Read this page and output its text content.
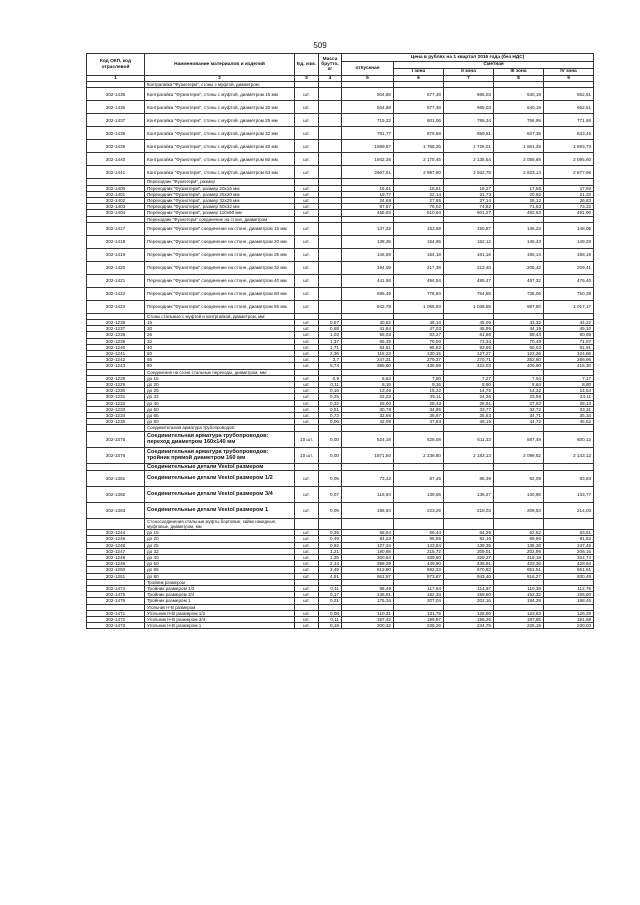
509
Код ОКП, код отраслевой	Наименование материалов и изделий	Ед. изм.	Масса брутто, кг	Цена в рублях на 1 квартал 2016 года (без НДС)				
				отпускная	Сметная			
					I зона	II зона	III зона	IV зона
1	2	3	4	5	6	7	8	9
	Контрагайка "Фузиотерм", стоны с муфтой, диаметром:							
302-1435	Контрагайка "Фузиотерм", стоны с муфтой, диаметром 15 мм	шт.		604,88	677,48	665,03	640,19	652,61
302-1436	Контрагайка "Фузиотерм", стоны с муфтой, диаметром 20 мм	шт.		604,88	677,48	665,03	640,19	652,61
302-1437	Контрагайка "Фузиотерм", стоны с муфтой, диаметром 25 мм	шт.		715,22	801,06	786,34	756,99	771,65
302-1438	Контрагайка "Фузиотерм", стоны с муфтой, диаметром 32 мм	шт.		781,77	875,58	859,51	827,38	843,45
302-1439	Контрагайка "Фузиотерм", стоны с муфтой, диаметром 40 мм	шт.		1569,67	1 758,26	1 726,01	1 661,45	1 693,73
302-1440	Контрагайка "Фузиотерм", стоны с муфтой, диаметром 50 мм	шт.		1942,36	2 175,45	2 135,54	2 055,68	2 095,60
302-1441	Контрагайка "Фузиотерм", стоны с муфтой, диаметром 63 мм	шт.		2667,51	2 987,60	2 932,78	2 823,14	2 877,96
	Переходник "Фузиотерм", размер							
302-1400	Переходник "Фузиотерм", размер 20x16 мм	шт.		16,61	18,61	18,27	17,58	17,92
302-1401	Переходник "Фузиотерм", размер 25x20 мм	шт.		19,77	22,14	21,73	20,92	21,33
302-1402	Переходник "Фузиотерм", размер 32x25 мм	шт.		24,68	27,65	27,14	26,12	26,63
302-1403	Переходник "Фузиотерм", размер 50x32 мм	шт.		67,87	76,02	74,62	71,83	73,22
302-1404	Переходник "Фузиотерм", размер 110x90 мм	шт.		455,93	510,64	501,27	482,53	491,90
	Переходник "Фузиотерм" соединение на стоне, диаметром							
302-1417	Переходник "Фузиотерм" соединение на стоне, диаметром 15 мм	шт.		137,22	153,69	150,87	145,23	148,05
302-1418	Переходник "Фузиотерм" соединение на стоне, диаметром 20 мм	шт.		138,35	154,95	152,12	146,43	149,28
302-1419	Переходник "Фузиотерм" соединение на стоне, диаметром 25 мм	шт.		146,59	164,18	161,16	155,14	158,15
302-1420	Переходник "Фузиотерм" соединение на стоне, диаметром 32 мм	шт.		194,09	217,38	213,40	205,42	209,41
302-1421	Переходник "Фузиотерм" соединение на стоне, диаметром 40 мм	шт.		441,56	494,54	485,47	467,32	476,40
302-1422	Переходник "Фузиотерм" соединение на стоне, диаметром 50 мм	шт.		695,49	778,94	764,65	736,06	750,38
302-1423	Переходник "Фузиотерм" соединение на стоне, диаметром 65 мм	шт.		942,79	1 055,93	1 036,55	997,80	1 017,17
	Стоны стальные с муфтой и контргайкой, диаметром, мм:							
302-1236	15	шт.	0,57	40,82	46,10	45,05	43,32	44,22
302-1237	20	шт.	0,68	41,64	47,03	45,95	44,19	45,10
302-1238	25	шт.	1,03	56,03	63,27	61,86	59,44	60,69
302-1239	32	шт.	1,37	66,39	75,00	73,34	70,49	71,97
302-1240	40	шт.	1,71	84,81	95,82	93,66	90,03	91,91
302-1241	50	шт.	2,36	115,23	130,15	127,27	122,26	124,86
302-1242	65	шт.	3,7	247,31	279,37	270,71	262,60	266,96
302-1243	80	шт.	5,74	385,60	435,59	422,03	409,90	416,30
	Соединения на сгоне стальные переходы, диаметром, мм:							
302-1228	до 15	шт.	0,9	6,63	7,50	7,27	7,04	7,17
302-1229	до 20	шт.	0,11	8,16	9,16	8,90	8,64	8,80
302-1230	до 25	шт.	0,16	13,46	15,22	14,75	14,32	14,54
302-1231	до 32	шт.	0,25	22,23	25,11	24,36	23,58	24,11
302-1232	до 40	шт.	0,32	25,00	28,43	28,51	27,53	28,13
302-1233	до 50	шт.	0,51	30,78	34,85	33,77	32,72	33,31
302-1234	до 65	шт.	0,73	32,66	36,97	35,83	34,71	35,34
302-1235	до 80	шт.	0,06	42,08	47,63	46,15	44,72	45,52
	Соединительная арматура трубопроводов:							
302-3375	Соединительная арматура трубопроводов: переход диаметром 160x140 мм	10 шт.	0,00	524,18	626,08	611,33	587,49	600,13
302-3376	Соединительная арматура трубопроводов: тройник прямой диаметром 160 мм	10 шт.	0,00	1871,50	2 236,80	2 183,13	2 098,62	2 143,13
	Соединительные детали Vestol размером							
302-1381	Соединительные детали Vestol размером 1/2	шт.	0,05	73,22	87,45	85,39	82,08	83,83
302-1382	Соединительные детали Vestol размером 3/4	шт.	0,07	116,64	139,56	136,27	130,96	133,77
302-1383	Соединительные детали Vestol размером 1	шт.	0,09	186,94	223,29	218,03	209,53	214,03
	Стоносоединения стальные муфты бортовые, кайки накидные, муфтовые, диаметром, мм							
302-1244	до 15	шт.	0,39	58,54	66,44	64,39	62,52	63,51
302-1245	до 20	шт.	0,49	84,23	95,55	92,16	89,95	91,52
302-1246	до 25	шт.	0,92	127,34	143,84	139,35	135,36	137,45
302-1247	до 32	шт.	1,21	190,98	215,72	209,01	202,99	206,15
302-1248	до 40	шт.	1,35	300,64	339,60	329,27	319,19	324,74
302-1249	до 50	шт.	2,14	398,29	449,90	435,91	423,36	429,94
302-1250	до 65	шт.	3,49	612,90	692,33	670,82	651,51	661,61
302-1251	до 80	шт.	4,91	861,97	973,67	943,40	916,27	930,48
	Тройник размером							
302-1474	Тройник размером 1/2	шт.	0,11	98,49	117,64	114,87	110,39	112,76
302-1475	Тройник размером 3/4	шт.	0,17	135,91	162,33	158,50	152,32	155,60
302-1476	Тройник размером 1	шт.	0,21	175,34	207,04	202,16	194,28	198,46
	Угольник Н-В размером							
302-1471	Угольник Н-В размером 1/2	шт.	0,08	110,31	131,75	128,65	123,63	126,29
302-1472	Угольник Н-В размером 3/4	шт.	0,11	167,42	199,97	195,26	187,65	191,68
302-1473	Угольник Н-В размером 1	шт.	0,18	200,32	239,26	234,75	225,19	230,03
